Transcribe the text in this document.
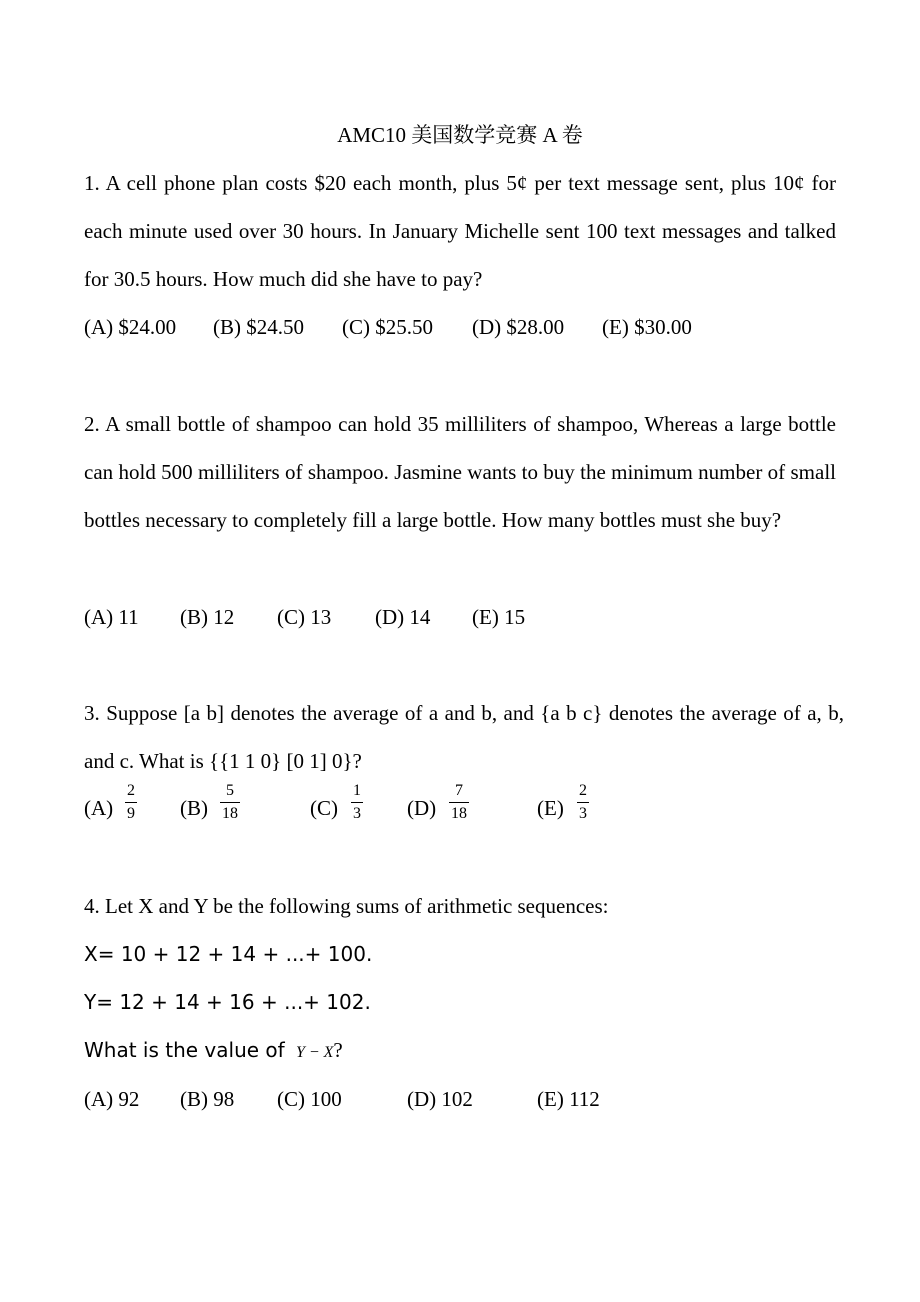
AMC10 美国数学竞赛 A 卷
1. A cell phone plan costs $20 each month, plus 5¢ per text message sent, plus 10¢ for each minute used over 30 hours. In January Michelle sent 100 text messages and talked for 30.5 hours. How much did she have to pay?
(A) $24.00 (B) $24.50 (C) $25.50 (D) $28.00 (E) $30.00
2. A small bottle of shampoo can hold 35 milliliters of shampoo, Whereas a large bottle can hold 500 milliliters of shampoo. Jasmine wants to buy the minimum number of small bottles necessary to completely fill a large bottle. How many bottles must she buy?
(A) 11 (B) 12 (C) 13 (D) 14 (E) 15
3. Suppose [a b] denotes the average of a and b, and {a b c} denotes the average of a, b, and c. What is {{1 1 0} [0 1] 0}?
(A)
2
9 (B)
5
18	(C)
1
3 (D)
7
18	(E)
2
3
4. Let X and Y be the following sums of arithmetic sequences:
X= 10 + 12 + 14 + ...+ 100.
Y= 12 + 14 + 16 + ...+ 102.
What is the value of Y − X?
(A) 92 (B) 98 (C) 100	(D) 102	(E) 112
